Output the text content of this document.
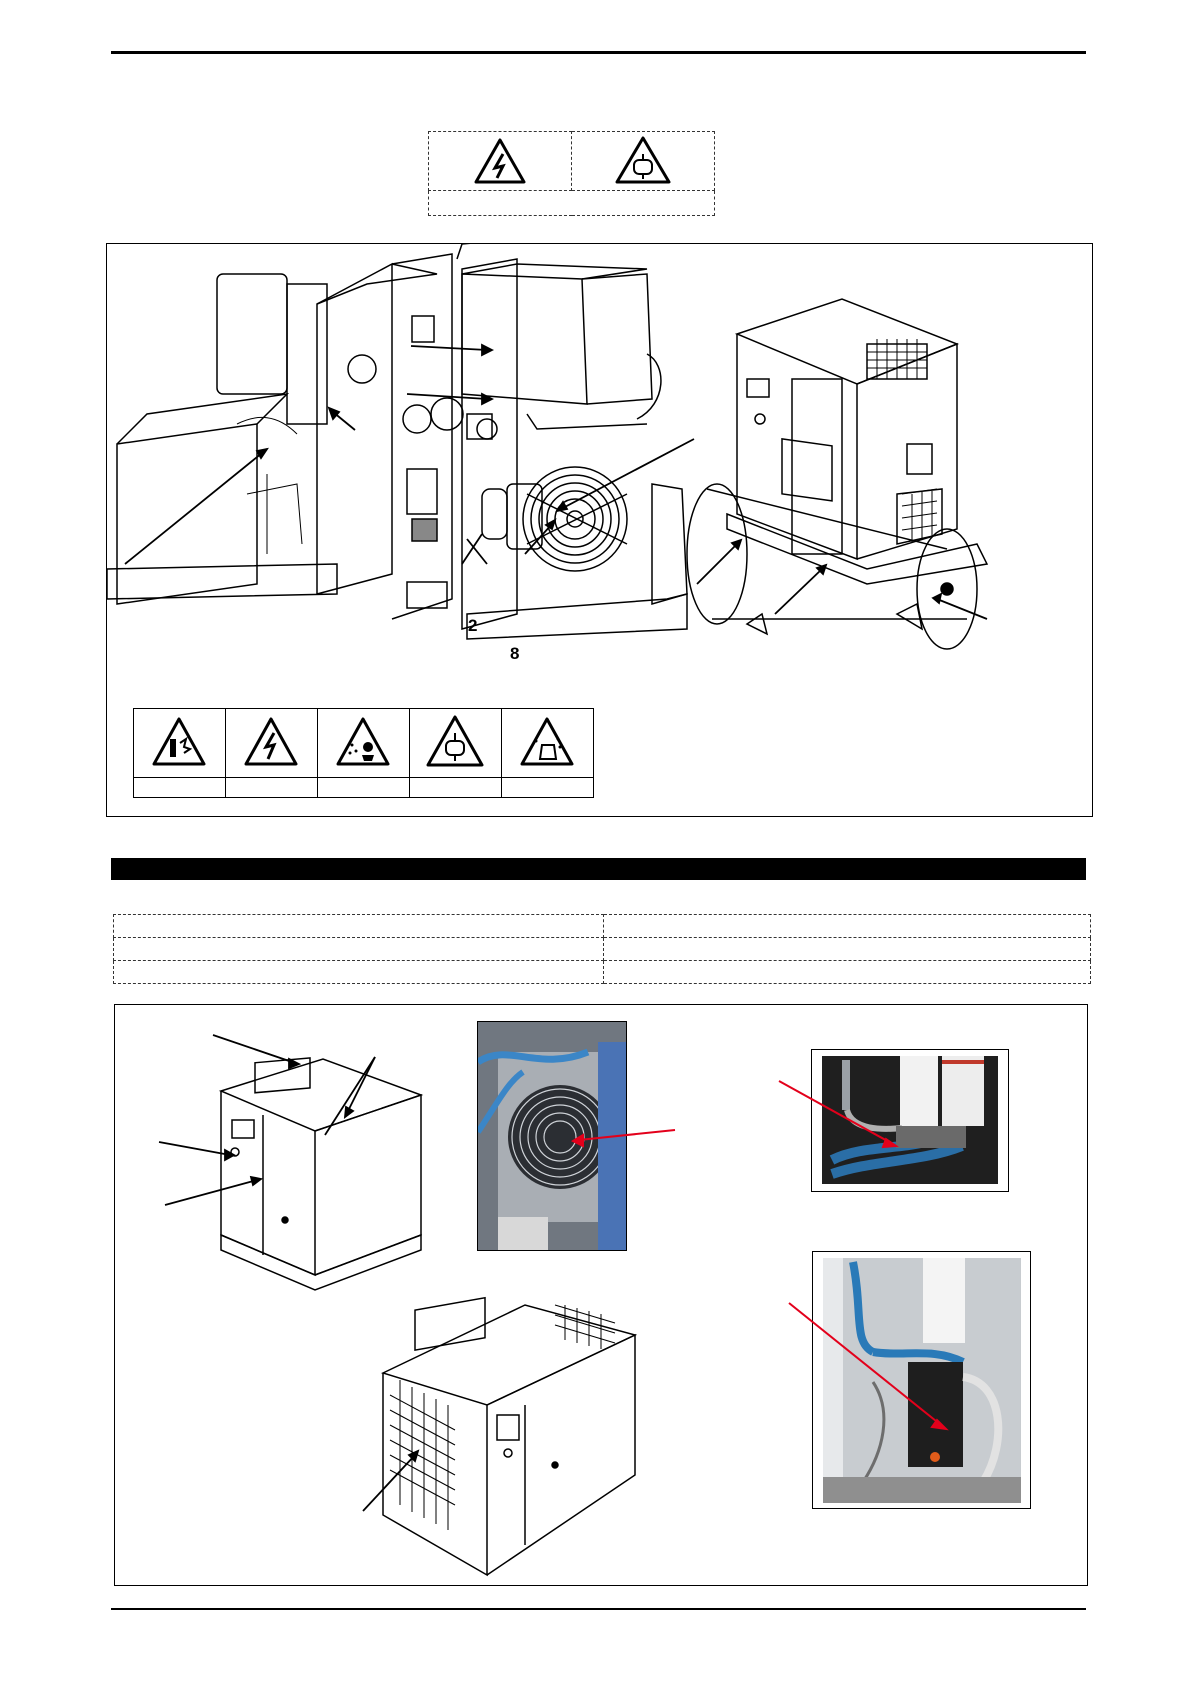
2
8
